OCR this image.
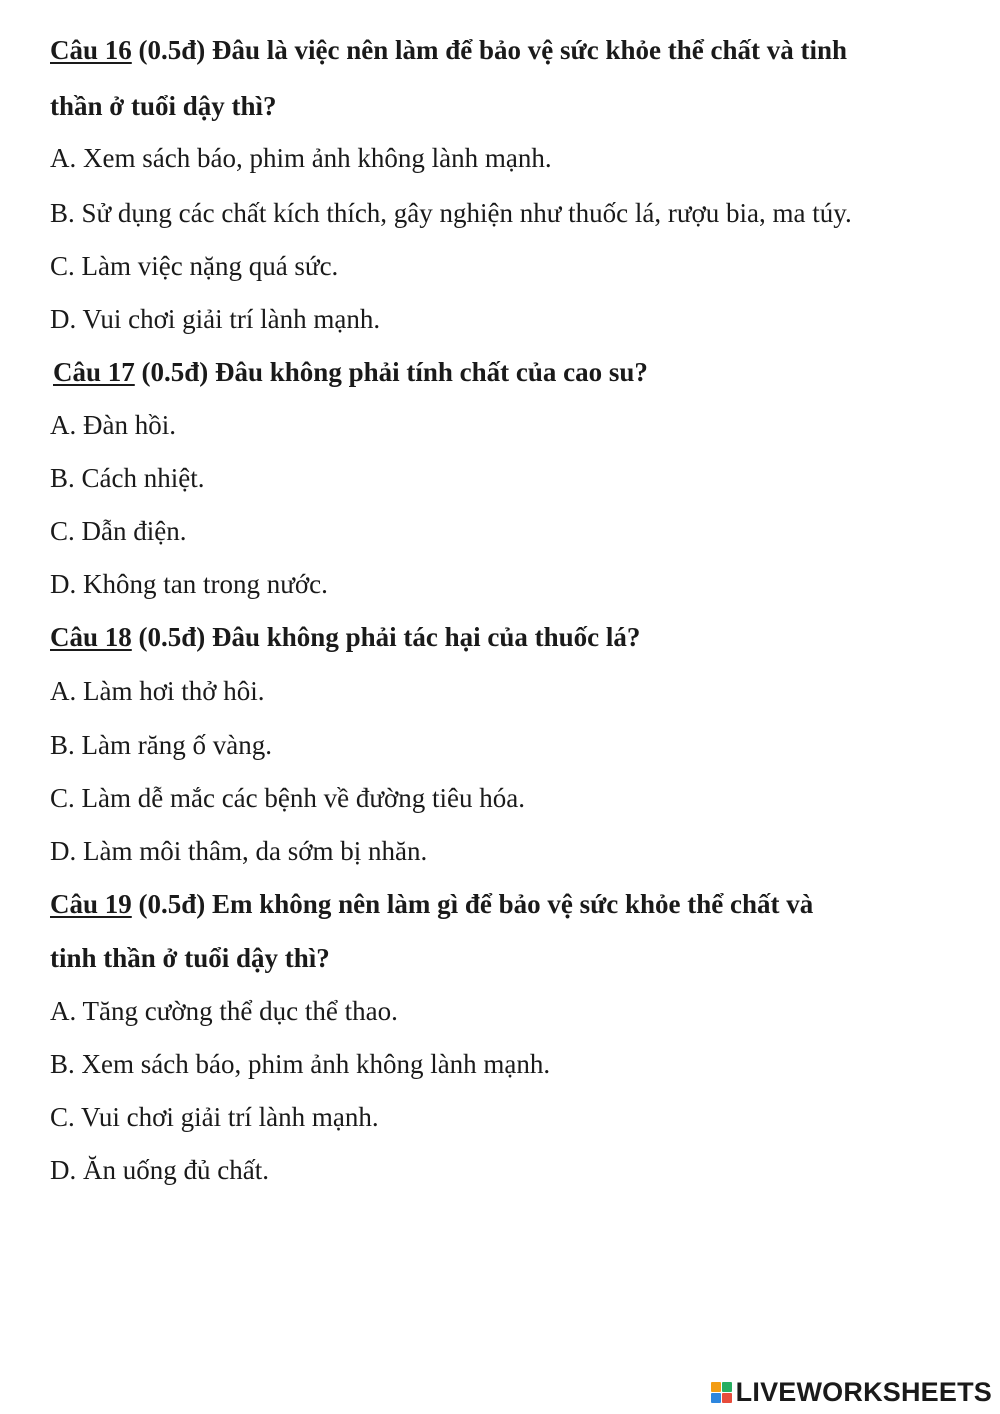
Câu 16 (0.5đ) Đâu là việc nên làm để bảo vệ sức khỏe thể chất và tinh
thần ở tuổi dậy thì?
A. Xem sách báo, phim ảnh không lành mạnh.
B. Sử dụng các chất kích thích, gây nghiện như thuốc lá, rượu bia, ma túy.
C. Làm việc nặng quá sức.
D. Vui chơi giải trí lành mạnh.
Câu 17 (0.5đ) Đâu không phải tính chất của cao su?
A. Đàn hồi.
B. Cách nhiệt.
C. Dẫn điện.
D. Không tan trong nước.
Câu 18 (0.5đ) Đâu không phải tác hại của thuốc lá?
A. Làm hơi thở hôi.
B. Làm răng ố vàng.
C. Làm dễ mắc các bệnh về đường tiêu hóa.
D. Làm môi thâm, da sớm bị nhăn.
Câu 19 (0.5đ) Em không nên làm gì để bảo vệ sức khỏe thể chất và
tinh thần ở tuổi dậy thì?
A. Tăng cường thể dục thể thao.
B. Xem sách báo, phim ảnh không lành mạnh.
C. Vui chơi giải trí lành mạnh.
D. Ăn uống đủ chất.
LIVEWORKSHEETS
